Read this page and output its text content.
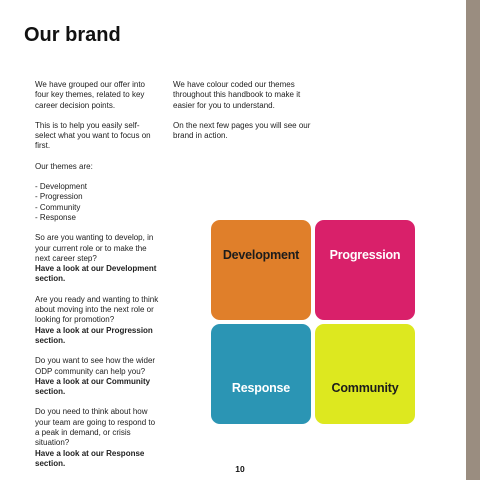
Our brand

We have grouped our offer into four key themes, related to key career decision points.

This is to help you easily self-select what you want to focus on first.

Our themes are:

- Development
- Progression
- Community
- Response

So are you wanting to develop, in your current role or to make the next career step?
Have a look at our Development section.

Are you ready and wanting to think about moving into the next role or looking for promotion?
Have a look at our Progression section.

Do you want to see how the wider ODP community can help you?
Have a look at our Community section.

Do you need to think about how your team are going to respond to a peak in demand, or crisis situation?
Have a look at our Response section.

We have colour coded our themes throughout this handbook to make it easier for you to understand.

On the next few pages you will see our brand in action.

Development Progression
Response	Community
10
